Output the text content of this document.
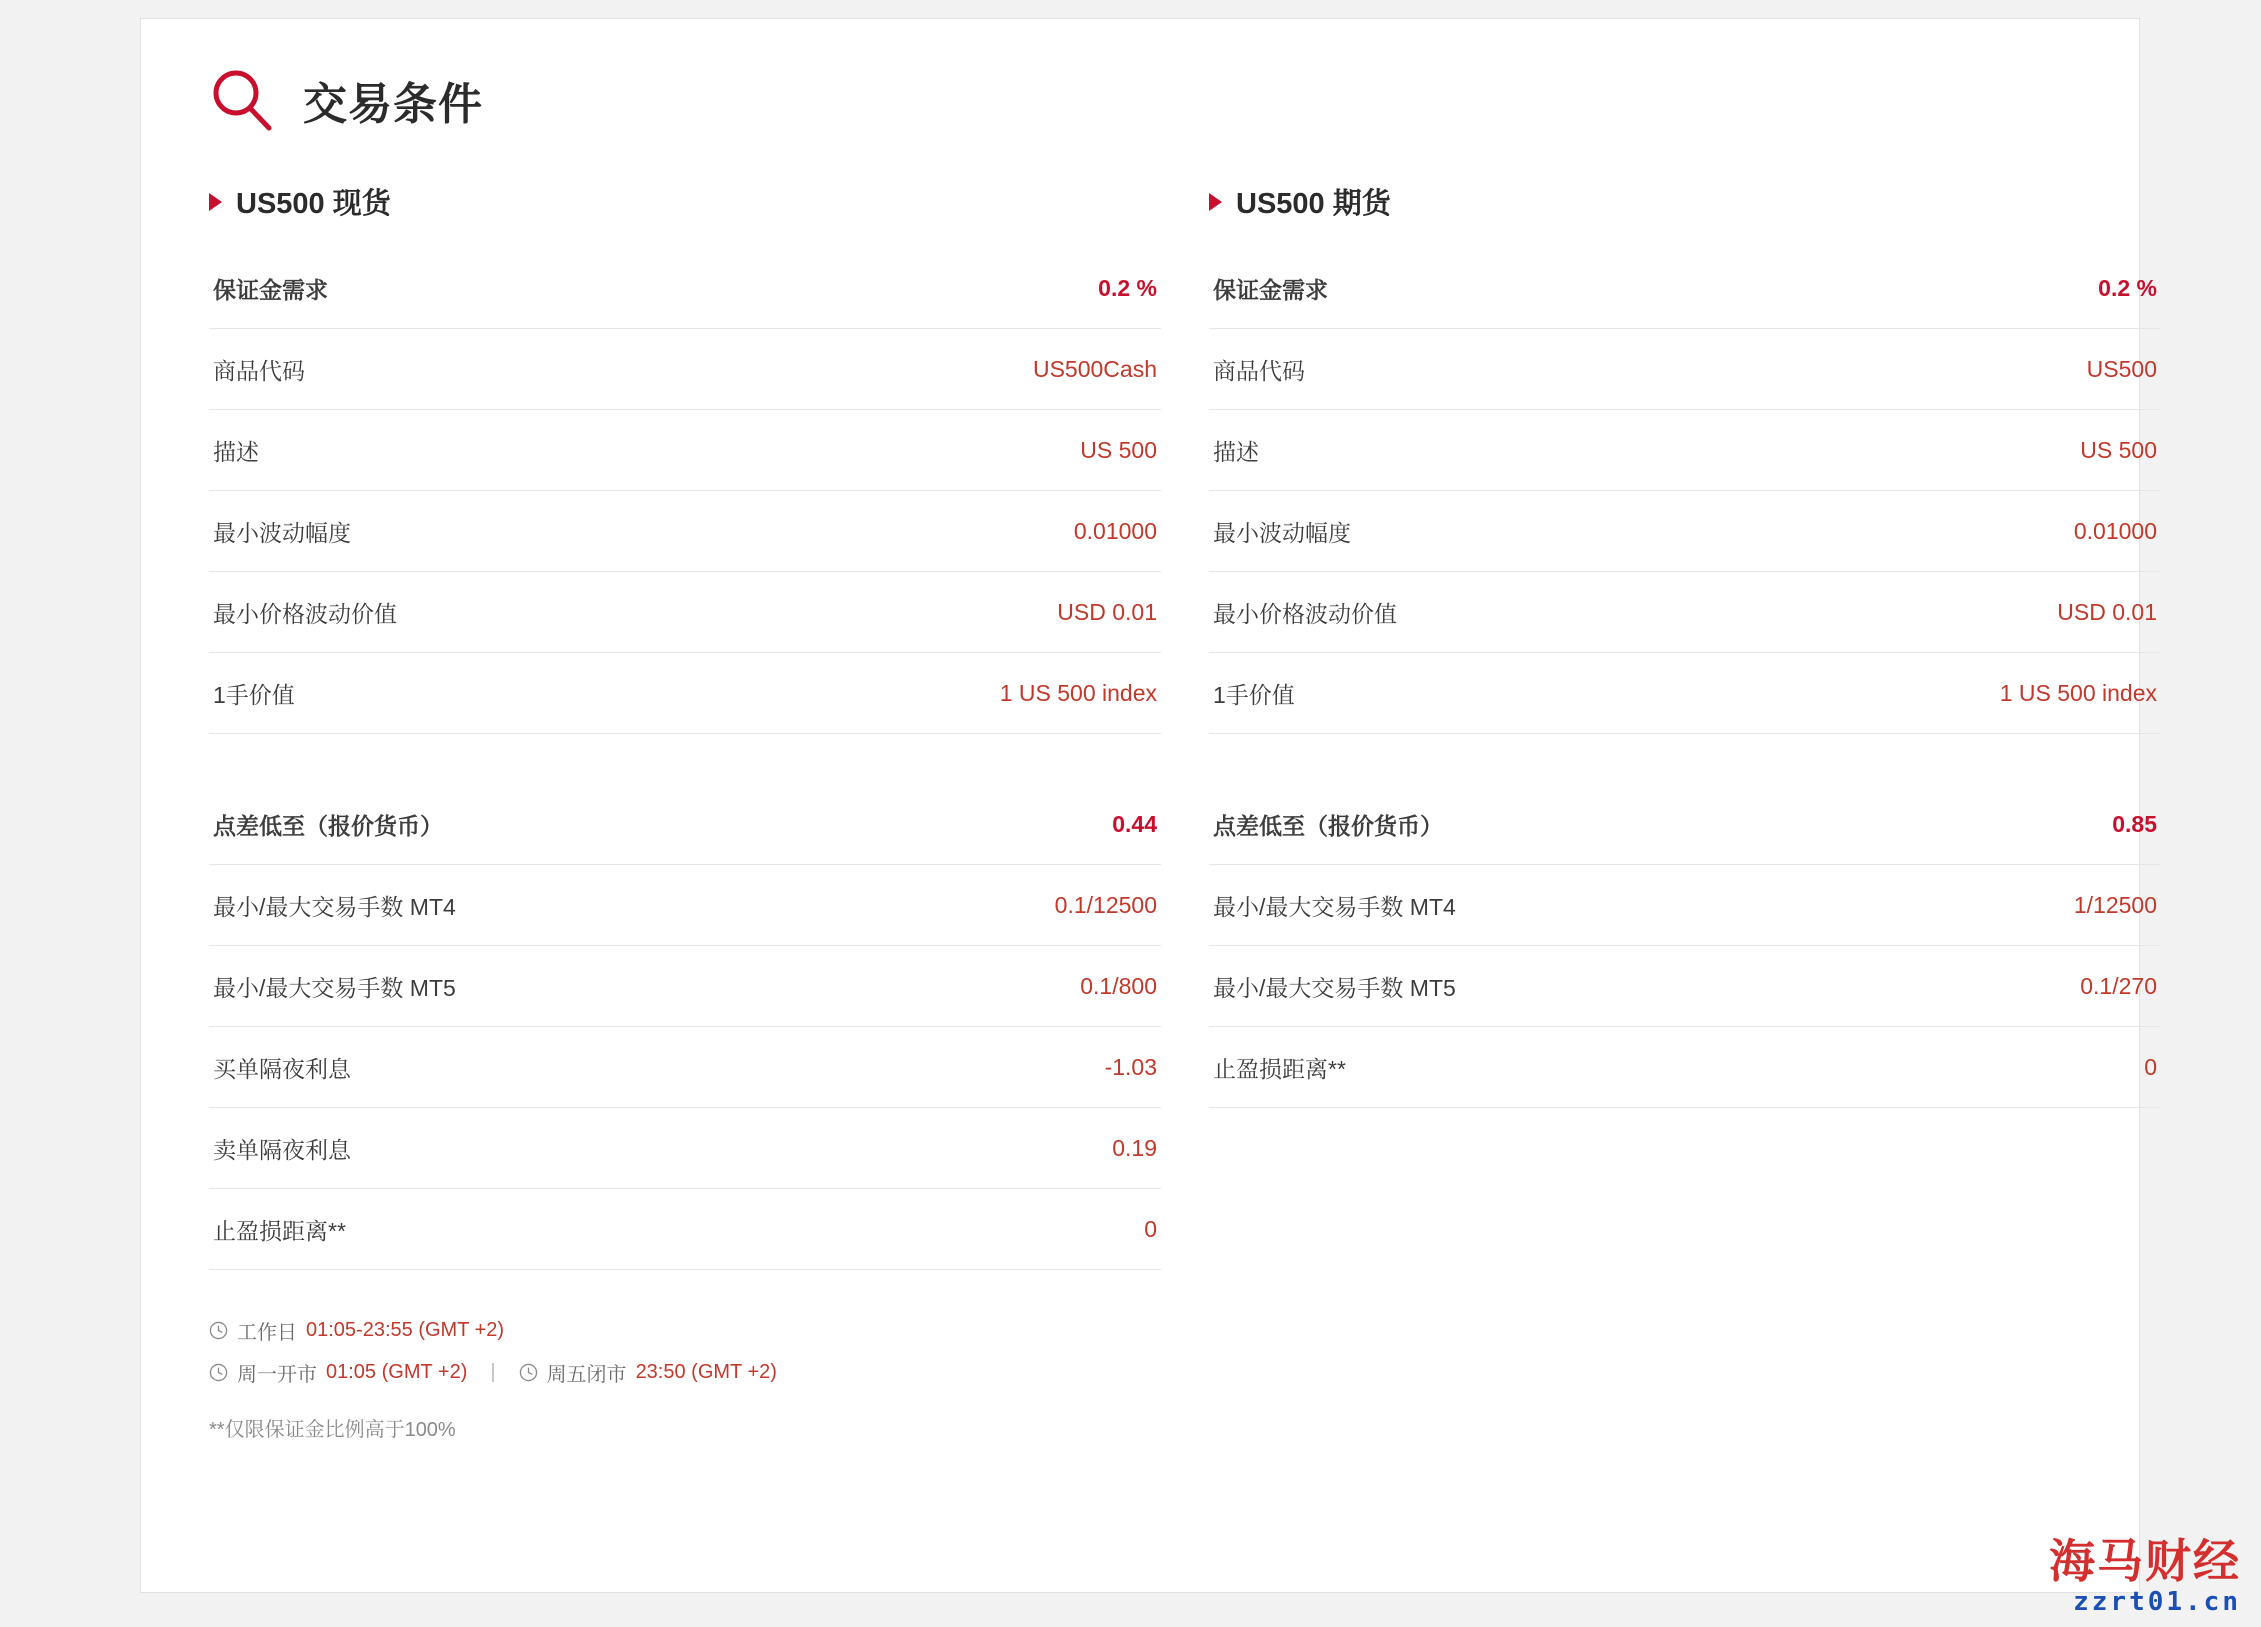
交易条件
US500 现货
保证金需求	0.2 %
商品代码	US500Cash
描述	US 500
最小波动幅度	0.01000
最小价格波动价值	USD 0.01
1手价值	1 US 500 index
点差低至（报价货币）	0.44
最小/最大交易手数 MT4	0.1/12500
最小/最大交易手数 MT5	0.1/800
买单隔夜利息	-1.03
卖单隔夜利息	0.19
止盈损距离**	0
工作日 01:05-23:55 (GMT +2)
周一开市 01:05 (GMT +2) |	周五闭市 23:50 (GMT +2)
**仅限保证金比例高于100%
US500 期货
保证金需求	0.2 %
商品代码	US500
描述	US 500
最小波动幅度	0.01000
最小价格波动价值	USD 0.01
1手价值	1 US 500 index
点差低至（报价货币）	0.85
最小/最大交易手数 MT4	1/12500
最小/最大交易手数 MT5	0.1/270
止盈损距离**	0
海马财经
zzrt01.cn
